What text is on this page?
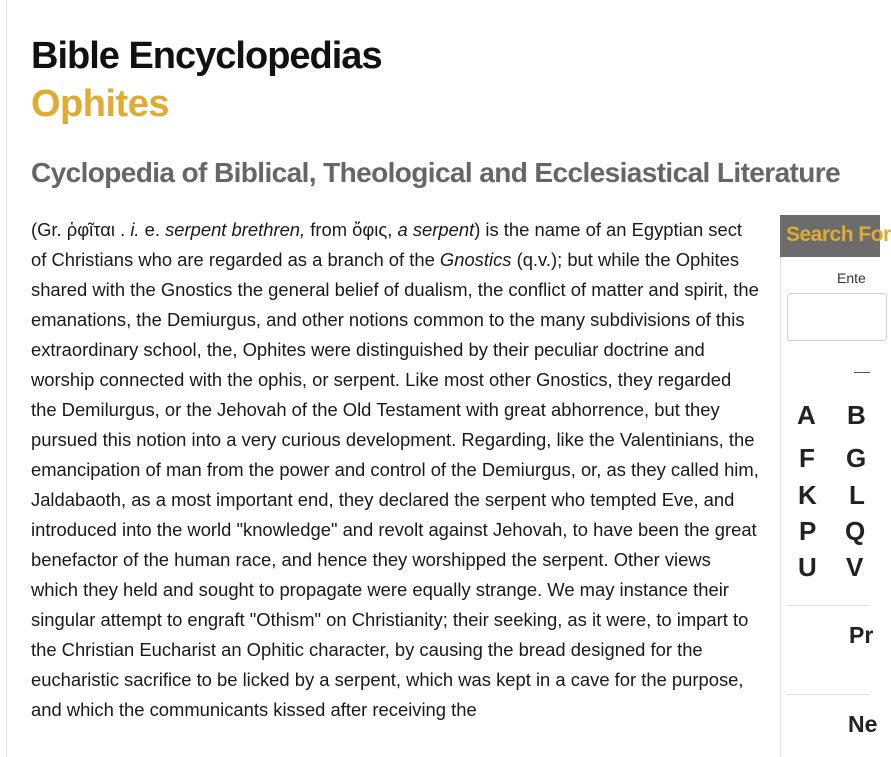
Bible Encyclopedias
Ophites
Cyclopedia of Biblical, Theological and Ecclesiastical Literature

(Gr. ῥφῖται . i. e. serpent brethren, from ὄφις, a serpent) is the name of an Egyptian sect of Christians who are regarded as a branch of the Gnostics (q.v.); but while the Ophites shared with the Gnostics the general belief of dualism, the conflict of matter and spirit, the emanations, the Demiurgus, and other notions common to the many subdivisions of this extraordinary school, the, Ophites were distinguished by their peculiar doctrine and worship connected with the ophis, or serpent. Like most other Gnostics, they regarded the Demilurgus, or the Jehovah of the Old Testament with great abhorrence, but they pursued this notion into a very curious development. Regarding, like the Valentinians, the emancipation of man from the power and control of the Demiurgus, or, as they called him, Jaldabaoth, as a most important end, they declared the serpent who tempted Eve, and introduced into the world "knowledge" and revolt against Jehovah, to have been the great benefactor of the human race, and hence they worshipped the serpent. Other views which they held and sought to propagate were equally strange. We may instance their singular attempt to engraft "Othism" on Christianity; their seeking, as it were, to impart to the Christian Eucharist an Ophitic character, by causing the bread designed for the eucharistic sacrifice to be licked by a serpent, which was kept in a cave for the purpose, and which the communicants kissed after receiving the

Search For
Ente
A B
F G
K L
P Q
U V
Pr
Ne
